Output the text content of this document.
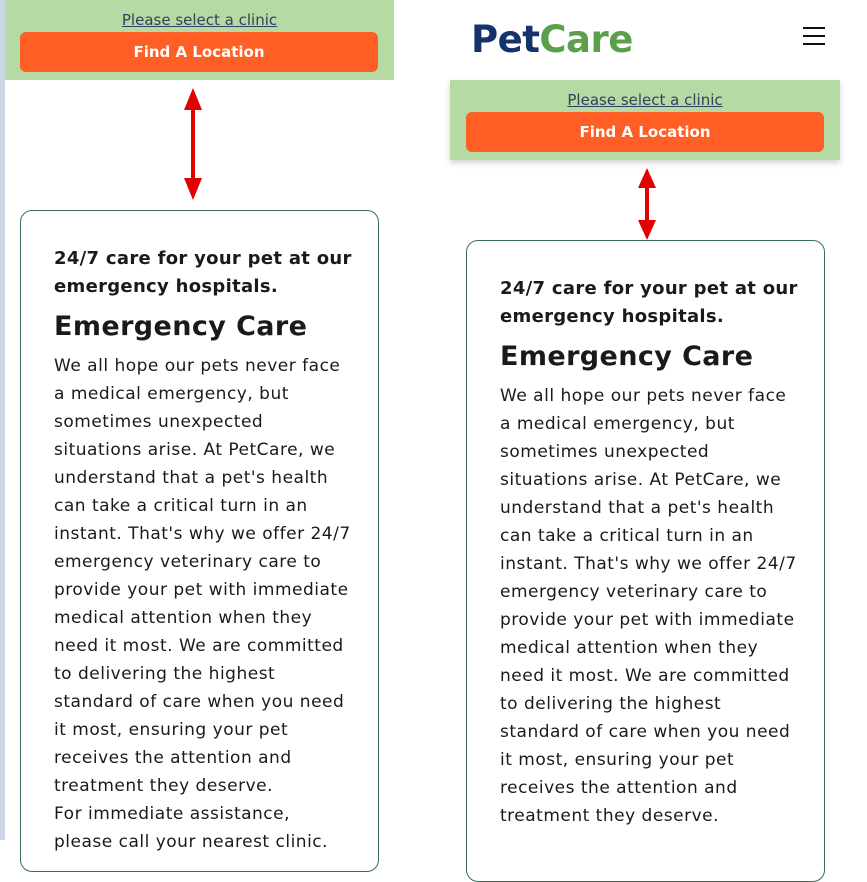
Please select a clinic
Find A Location

24/7 care for your pet at our emergency hospitals.

Emergency Care

We all hope our pets never face a medical emergency, but sometimes unexpected situations arise. At PetCare, we understand that a pet's health can take a critical turn in an instant. That's why we offer 24/7 emergency veterinary care to provide your pet with immediate medical attention when they need it most. We are committed to delivering the highest standard of care when you need it most, ensuring your pet receives the attention and treatment they deserve.

For immediate assistance, please call your nearest clinic.

PetCare
Please select a clinic
Find A Location

24/7 care for your pet at our emergency hospitals.

Emergency Care

We all hope our pets never face a medical emergency, but sometimes unexpected situations arise. At PetCare, we understand that a pet's health can take a critical turn in an instant. That's why we offer 24/7 emergency veterinary care to provide your pet with immediate medical attention when they need it most. We are committed to delivering the highest standard of care when you need it most, ensuring your pet receives the attention and treatment they deserve.
